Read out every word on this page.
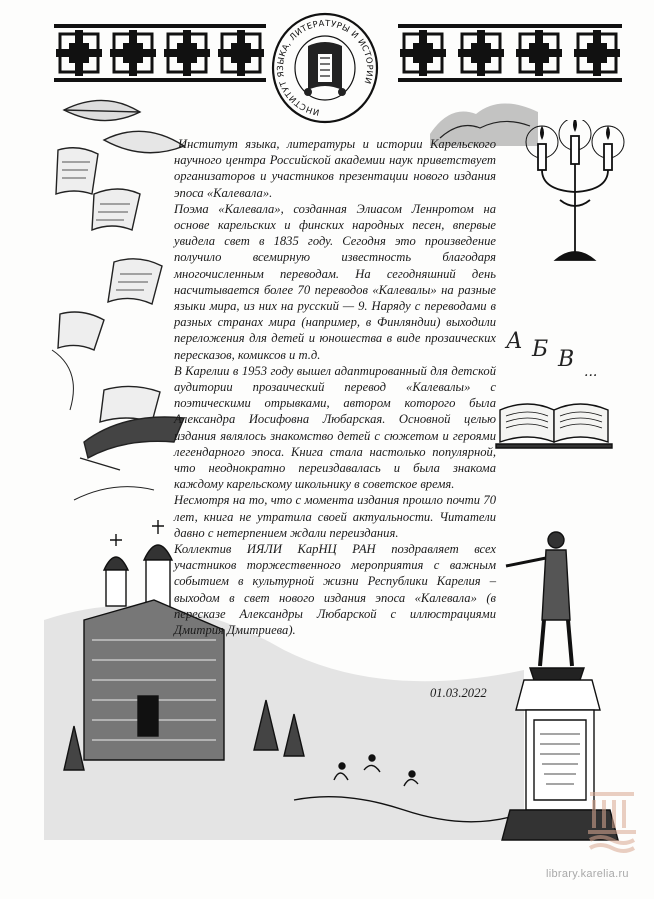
ИНСТИТУТ ЯЗЫКА, ЛИТЕРАТУРЫ И ИСТОРИИ
А Б В ...

Институт языка, литературы и истории Карельского научного центра Российской академии наук приветствует организаторов и участников презентации нового издания эпоса «Калевала».

Поэма «Калевала», созданная Элиасом Леннротом на основе карельских и финских народных песен, впервые увидела свет в 1835 году. Сегодня это произведение получило всемирную известность благодаря многочисленным переводам. На сегодняшний день насчитывается более 70 переводов «Калевалы» на разные языки мира, из них на русский — 9. Наряду с переводами в разных странах мира (например, в Финляндии) выходили переложения для детей и юношества в виде прозаических пересказов, комиксов и т.д.

В Карелии в 1953 году вышел адаптированный для детской аудитории прозаический перевод «Калевалы» с поэтическими отрывками, автором которого была Александра Иосифовна Любарская. Основной целью издания являлось знакомство детей с сюжетом и героями легендарного эпоса. Книга стала настолько популярной, что неоднократно переиздавалась и была знакома каждому карельскому школьнику в советское время.

Несмотря на то, что с момента издания прошло почти 70 лет, книга не утратила своей актуальности. Читатели давно с нетерпением ждали переиздания.

Коллектив ИЯЛИ КарНЦ РАН поздравляет всех участников торжественного мероприятия с важным событием в культурной жизни Республики Карелия – выходом в свет нового издания эпоса «Калевала» (в пересказе Александры Любарской с иллюстрациями Дмитрия Дмитриева).

01.03.2022
library.karelia.ru
